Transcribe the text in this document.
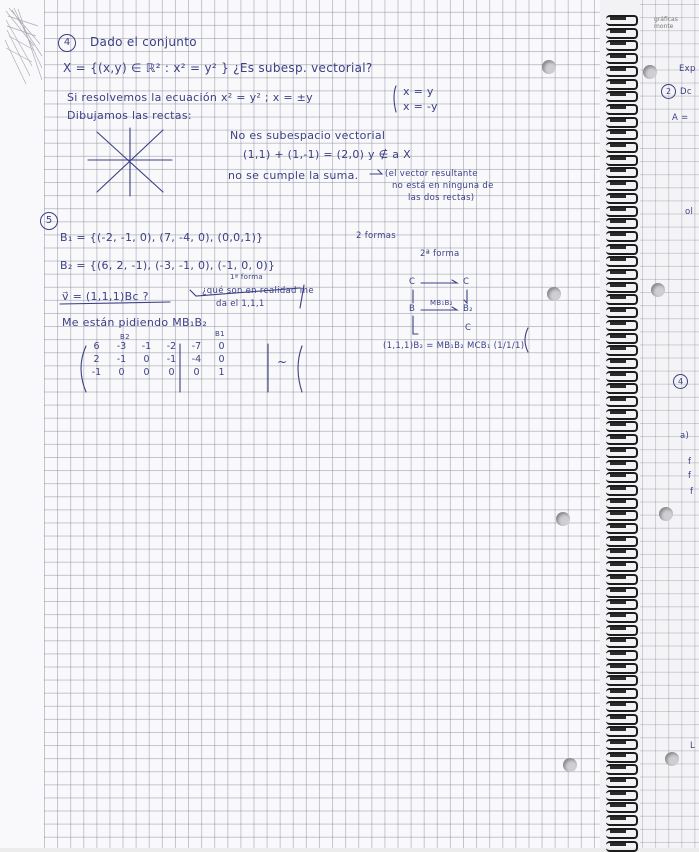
gráficas monte
Exp
2	Dc
A =
ol
4
a)
f
f
f
L
4	Dado el conjunto
X = {(x,y) ∈ ℝ² : x² = y² } ¿Es subesp. vectorial?
Si resolvemos la ecuación x² = y² ; x = ±y	x = y
x = -y
Dibujamos las rectas:
No es subespacio vectorial
(1,1) + (1,-1) = (2,0) y ∉ a X
no se cumple la suma.	(el vector resultante
no está en ninguna de
las dos rectas)
5
B₁ = {(-2, -1, 0), (7, -4, 0), (0,0,1)}	2 formas
B₂ = {(6, 2, -1), (-3, -1, 0), (-1, 0, 0)}
2ª forma
1ª forma
v⃗ = (1,1,1)Bc ?	¿qué son en realidad me
da el 1,1,1
C	C
B
MB₁B₂
B₂
C
(1,1,1)B₂ = MB₁B₂ MCB₁ (1/1/1)
Me están pidiendo MB₁B₂
B2	B1
6	-3	-1	-2	-7	0
2	-1	0	-1	-4	0
-1	0	0	0	0	1
~
